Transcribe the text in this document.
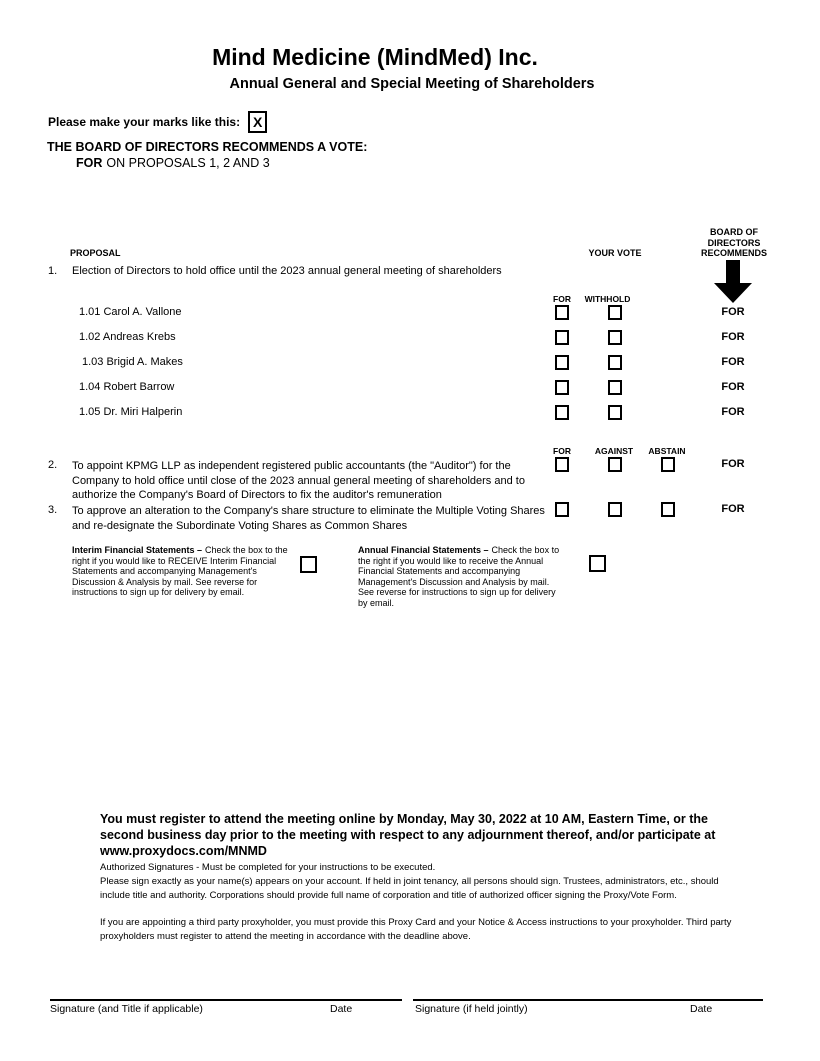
Mind Medicine (MindMed) Inc.
Annual General and Special Meeting of Shareholders
Please make your marks like this: X
THE BOARD OF DIRECTORS RECOMMENDS A VOTE:
FOR ON PROPOSALS 1, 2 AND 3
PROPOSAL	YOUR VOTE
BOARD OF DIRECTORS RECOMMENDS
1. Election of Directors to hold office until the 2023 annual general meeting of shareholders
FOR	WITHHOLD
1.01 Carol A. Vallone	FOR
1.02 Andreas Krebs	FOR
1.03 Brigid A. Makes	FOR
1.04 Robert Barrow	FOR
1.05 Dr. Miri Halperin	FOR
FOR	AGAINST	ABSTAIN
2. To appoint KPMG LLP as independent registered public accountants (the "Auditor") for the Company to hold office until close of the 2023 annual general meeting of shareholders and to authorize the Company's Board of Directors to fix the auditor's remuneration
FOR
3. To approve an alteration to the Company's share structure to eliminate the Multiple Voting Shares and re-designate the Subordinate Voting Shares as Common Shares
FOR
Interim Financial Statements – Check the box to the right if you would like to RECEIVE Interim Financial Statements and accompanying Management's Discussion & Analysis by mail. See reverse for instructions to sign up for delivery by email.
Annual Financial Statements – Check the box to the right if you would like to receive the Annual Financial Statements and accompanying Management's Discussion and Analysis by mail. See reverse for instructions to sign up for delivery by email.
You must register to attend the meeting online by Monday, May 30, 2022 at 10 AM, Eastern Time, or the second business day prior to the meeting with respect to any adjournment thereof, and/or participate at www.proxydocs.com/MNMD
Authorized Signatures - Must be completed for your instructions to be executed.
Please sign exactly as your name(s) appears on your account. If held in joint tenancy, all persons should sign. Trustees, administrators, etc., should include title and authority. Corporations should provide full name of corporation and title of authorized officer signing the Proxy/Vote Form.
If you are appointing a third party proxyholder, you must provide this Proxy Card and your Notice & Access instructions to your proxyholder. Third party proxyholders must register to attend the meeting in accordance with the deadline above.
Signature (and Title if applicable)	Date	Signature (if held jointly)	Date
